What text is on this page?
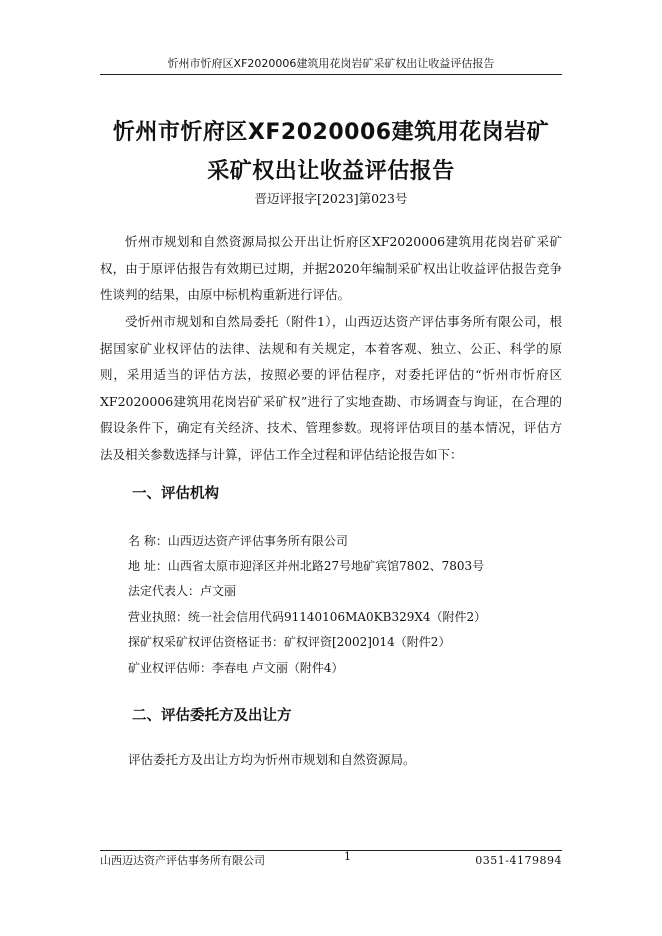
忻州市忻府区XF2020006建筑用花岗岩矿采矿权出让收益评估报告
忻州市忻府区XF2020006建筑用花岗岩矿
采矿权出让收益评估报告
晋迈评报字[2023]第023号

忻州市规划和自然资源局拟公开出让忻府区XF2020006建筑用花岗岩矿采矿权，由于原评估报告有效期已过期，并据2020年编制采矿权出让收益评估报告竞争性谈判的结果，由原中标机构重新进行评估。

受忻州市规划和自然局委托（附件1），山西迈达资产评估事务所有限公司，根据国家矿业权评估的法律、法规和有关规定，本着客观、独立、公正、科学的原则，采用适当的评估方法，按照必要的评估程序，对委托评估的“忻州市忻府区XF2020006建筑用花岗岩矿采矿权”进行了实地查勘、市场调查与询证，在合理的假设条件下，确定有关经济、技术、管理参数。现将评估项目的基本情况，评估方法及相关参数选择与计算，评估工作全过程和评估结论报告如下：

一、评估机构
名 称：山西迈达资产评估事务所有限公司
地 址：山西省太原市迎泽区并州北路27号地矿宾馆7802、7803号
法定代表人：卢文丽
营业执照：统一社会信用代码91140106MA0KB329X4（附件2）
探矿权采矿权评估资格证书：矿权评资[2002]014（附件2）
矿业权评估师：李春电 卢文丽（附件4）
二、评估委托方及出让方
评估委托方及出让方均为忻州市规划和自然资源局。
山西迈达资产评估事务所有限公司	1	0351-4179894
